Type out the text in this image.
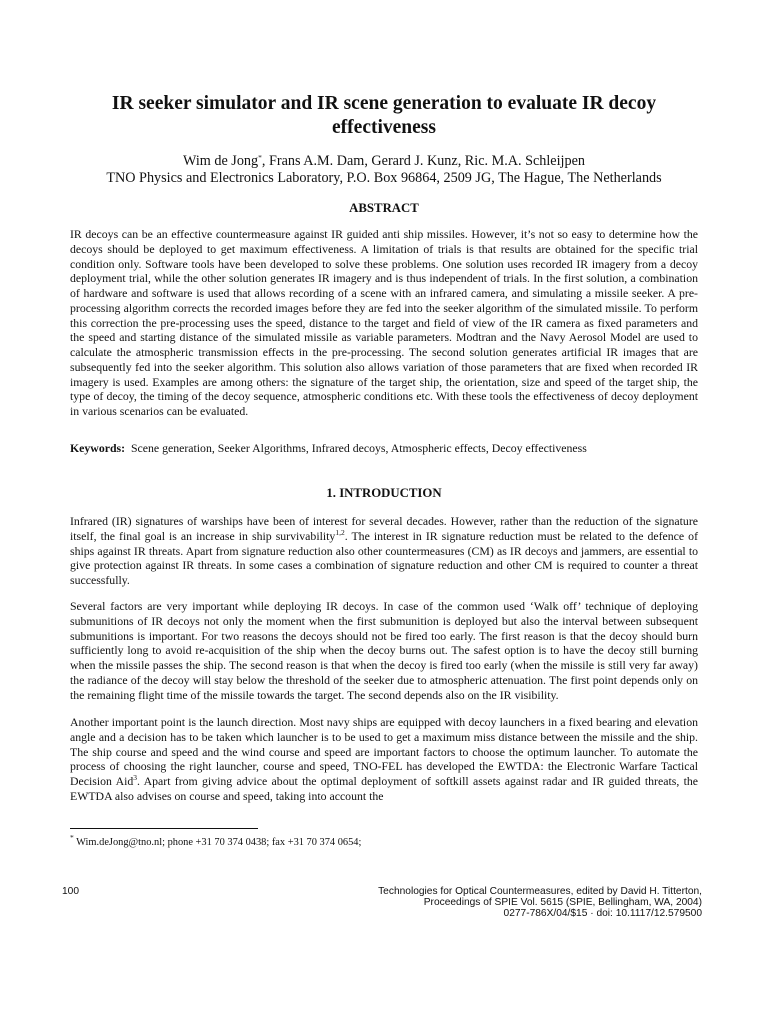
IR seeker simulator and IR scene generation to evaluate IR decoy effectiveness

Wim de Jong*, Frans A.M. Dam, Gerard J. Kunz, Ric. M.A. Schleijpen

TNO Physics and Electronics Laboratory, P.O. Box 96864, 2509 JG, The Hague, The Netherlands

ABSTRACT

IR decoys can be an effective countermeasure against IR guided anti ship missiles. However, it’s not so easy to determine how the decoys should be deployed to get maximum effectiveness. A limitation of trials is that results are obtained for the specific trial condition only. Software tools have been developed to solve these problems. One solution uses recorded IR imagery from a decoy deployment trial, while the other solution generates IR imagery and is thus independent of trials. In the first solution, a combination of hardware and software is used that allows recording of a scene with an infrared camera, and simulating a missile seeker. A pre-processing algorithm corrects the recorded images before they are fed into the seeker algorithm of the simulated missile. To perform this correction the pre-processing uses the speed, distance to the target and field of view of the IR camera as fixed parameters and the speed and starting distance of the simulated missile as variable parameters. Modtran and the Navy Aerosol Model are used to calculate the atmospheric transmission effects in the pre-processing. The second solution generates artificial IR images that are subsequently fed into the seeker algorithm. This solution also allows variation of those parameters that are fixed when recorded IR imagery is used. Examples are among others: the signature of the target ship, the orientation, size and speed of the target ship, the type of decoy, the timing of the decoy sequence, atmospheric conditions etc. With these tools the effectiveness of decoy deployment in various scenarios can be evaluated.

Keywords: Scene generation, Seeker Algorithms, Infrared decoys, Atmospheric effects, Decoy effectiveness

1. INTRODUCTION

Infrared (IR) signatures of warships have been of interest for several decades. However, rather than the reduction of the signature itself, the final goal is an increase in ship survivability$^{1,2}$. The interest in IR signature reduction must be related to the defence of ships against IR threats. Apart from signature reduction also other countermeasures (CM) as IR decoys and jammers, are essential to give protection against IR threats. In some cases a combination of signature reduction and other CM is required to counter a threat successfully.

Several factors are very important while deploying IR decoys. In case of the common used ‘Walk off’ technique of deploying submunitions of IR decoys not only the moment when the first submunition is deployed but also the interval between subsequent submunitions is important. For two reasons the decoys should not be fired too early. The first reason is that the decoy should burn sufficiently long to avoid re-acquisition of the ship when the decoy burns out. The safest option is to have the decoy still burning when the missile passes the ship. The second reason is that when the decoy is fired too early (when the missile is still very far away) the radiance of the decoy will stay below the threshold of the seeker due to atmospheric attenuation. The first point depends only on the remaining flight time of the missile towards the target. The second depends also on the IR visibility.

Another important point is the launch direction. Most navy ships are equipped with decoy launchers in a fixed bearing and elevation angle and a decision has to be taken which launcher is to be used to get a maximum miss distance between the missile and the ship. The ship course and speed and the wind course and speed are important factors to choose the optimum launcher. To automate the process of choosing the right launcher, course and speed, TNO-FEL has developed the EWTDA: the Electronic Warfare Tactical Decision Aid$^3$. Apart from giving advice about the optimal deployment of softkill assets against radar and IR guided threats, the EWTDA also advises on course and speed, taking into account the

* Wim.deJong@tno.nl; phone +31 70 374 0438; fax +31 70 374 0654;

100	Technologies for Optical Countermeasures, edited by David H. Titterton,
Proceedings of SPIE Vol. 5615 (SPIE, Bellingham, WA, 2004)
0277-786X/04/$15 · doi: 10.1117/12.579500
